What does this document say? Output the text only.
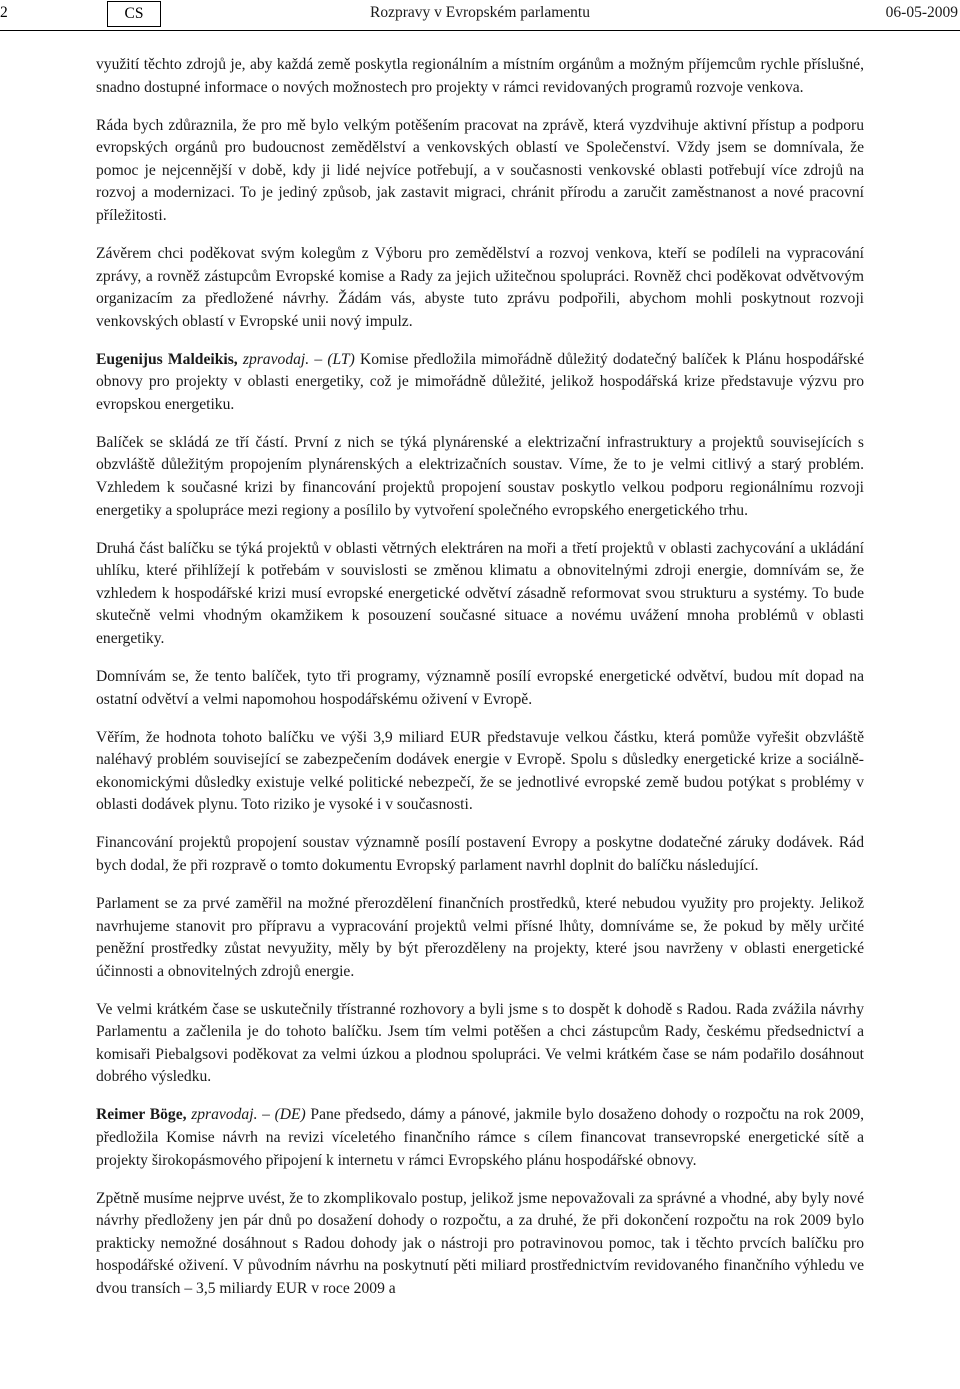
2	CS	Rozpravy v Evropském parlamentu	06-05-2009

využití těchto zdrojů je, aby každá země poskytla regionálním a místním orgánům a možným příjemcům rychle příslušné, snadno dostupné informace o nových možnostech pro projekty v rámci revidovaných programů rozvoje venkova.

Ráda bych zdůraznila, že pro mě bylo velkým potěšením pracovat na zprávě, která vyzdvihuje aktivní přístup a podporu evropských orgánů pro budoucnost zemědělství a venkovských oblastí ve Společenství. Vždy jsem se domnívala, že pomoc je nejcennější v době, kdy ji lidé nejvíce potřebují, a v současnosti venkovské oblasti potřebují více zdrojů na rozvoj a modernizaci. To je jediný způsob, jak zastavit migraci, chránit přírodu a zaručit zaměstnanost a nové pracovní příležitosti.

Závěrem chci poděkovat svým kolegům z Výboru pro zemědělství a rozvoj venkova, kteří se podíleli na vypracování zprávy, a rovněž zástupcům Evropské komise a Rady za jejich užitečnou spolupráci. Rovněž chci poděkovat odvětvovým organizacím za předložené návrhy. Žádám vás, abyste tuto zprávu podpořili, abychom mohli poskytnout rozvoji venkovských oblastí v Evropské unii nový impulz.

Eugenijus Maldeikis, zpravodaj. – (LT) Komise předložila mimořádně důležitý dodatečný balíček k Plánu hospodářské obnovy pro projekty v oblasti energetiky, což je mimořádně důležité, jelikož hospodářská krize představuje výzvu pro evropskou energetiku.

Balíček se skládá ze tří částí. První z nich se týká plynárenské a elektrizační infrastruktury a projektů souvisejících s obzvláště důležitým propojením plynárenských a elektrizačních soustav. Víme, že to je velmi citlivý a starý problém. Vzhledem k současné krizi by financování projektů propojení soustav poskytlo velkou podporu regionálnímu rozvoji energetiky a spolupráce mezi regiony a posílilo by vytvoření společného evropského energetického trhu.

Druhá část balíčku se týká projektů v oblasti větrných elektráren na moři a třetí projektů v oblasti zachycování a ukládání uhlíku, které přihlížejí k potřebám v souvislosti se změnou klimatu a obnovitelnými zdroji energie, domnívám se, že vzhledem k hospodářské krizi musí evropské energetické odvětví zásadně reformovat svou strukturu a systémy. To bude skutečně velmi vhodným okamžikem k posouzení současné situace a novému uvážení mnoha problémů v oblasti energetiky.

Domnívám se, že tento balíček, tyto tři programy, významně posílí evropské energetické odvětví, budou mít dopad na ostatní odvětví a velmi napomohou hospodářskému oživení v Evropě.

Věřím, že hodnota tohoto balíčku ve výši 3,9 miliard EUR představuje velkou částku, která pomůže vyřešit obzvláště naléhavý problém související se zabezpečením dodávek energie v Evropě. Spolu s důsledky energetické krize a sociálně-ekonomickými důsledky existuje velké politické nebezpečí, že se jednotlivé evropské země budou potýkat s problémy v oblasti dodávek plynu. Toto riziko je vysoké i v současnosti.

Financování projektů propojení soustav významně posílí postavení Evropy a poskytne dodatečné záruky dodávek. Rád bych dodal, že při rozpravě o tomto dokumentu Evropský parlament navrhl doplnit do balíčku následující.

Parlament se za prvé zaměřil na možné přerozdělení finančních prostředků, které nebudou využity pro projekty. Jelikož navrhujeme stanovit pro přípravu a vypracování projektů velmi přísné lhůty, domníváme se, že pokud by měly určité peněžní prostředky zůstat nevyužity, měly by být přerozděleny na projekty, které jsou navrženy v oblasti energetické účinnosti a obnovitelných zdrojů energie.

Ve velmi krátkém čase se uskutečnily třístranné rozhovory a byli jsme s to dospět k dohodě s Radou. Rada zvážila návrhy Parlamentu a začlenila je do tohoto balíčku. Jsem tím velmi potěšen a chci zástupcům Rady, českému předsednictví a komisaři Piebalgsovi poděkovat za velmi úzkou a plodnou spolupráci. Ve velmi krátkém čase se nám podařilo dosáhnout dobrého výsledku.

Reimer Böge, zpravodaj. – (DE) Pane předsedo, dámy a pánové, jakmile bylo dosaženo dohody o rozpočtu na rok 2009, předložila Komise návrh na revizi víceletého finančního rámce s cílem financovat transevropské energetické sítě a projekty širokopásmového připojení k internetu v rámci Evropského plánu hospodářské obnovy.

Zpětně musíme nejprve uvést, že to zkomplikovalo postup, jelikož jsme nepovažovali za správné a vhodné, aby byly nové návrhy předloženy jen pár dnů po dosažení dohody o rozpočtu, a za druhé, že při dokončení rozpočtu na rok 2009 bylo prakticky nemožné dosáhnout s Radou dohody jak o nástroji pro potravinovou pomoc, tak i těchto prvcích balíčku pro hospodářské oživení. V původním návrhu na poskytnutí pěti miliard prostřednictvím revidovaného finančního výhledu ve dvou transích – 3,5 miliardy EUR v roce 2009 a
